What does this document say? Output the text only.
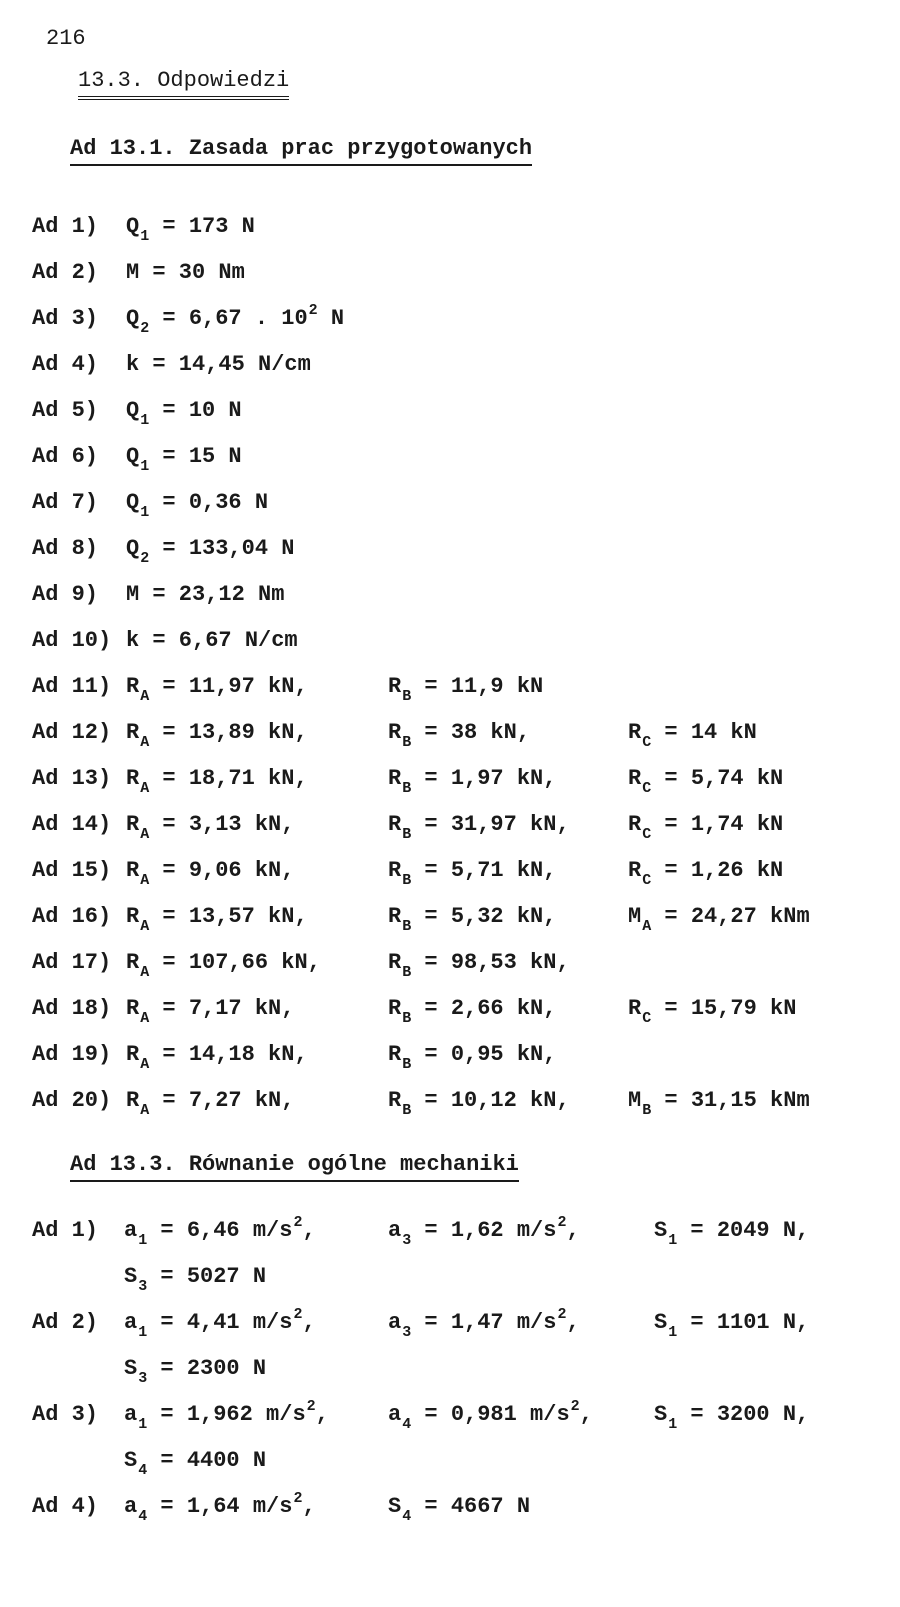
216
13.3. Odpowiedzi
Ad 13.1. Zasada prac przygotowanych
Ad 1) $Q_1 = 173$ N
Ad 2) M = 30 Nm
Ad 3) $Q_2 = 6,67$ . $10^2$ N
Ad 4) k = 14,45 N/cm
Ad 5) $Q_1 = 10$ N
Ad 6) $Q_1 = 15$ N
Ad 7) $Q_1 = 0,36$ N
Ad 8) $Q_2 = 133,04$ N
Ad 9) M = 23,12 Nm
Ad 10) k = 6,67 N/cm
Ad 11) $R_A = 11,97$ kN,	$R_B = 11,9$ kN
Ad 12) $R_A = 13,89$ kN,	$R_B = 38$ kN,	$R_C = 14$ kN
Ad 13) $R_A = 18,71$ kN,	$R_B = 1,97$ kN,	$R_C = 5,74$ kN
Ad 14) $R_A = 3,13$ kN,	$R_B = 31,97$ kN,	$R_C = 1,74$ kN
Ad 15) $R_A = 9,06$ kN,	$R_B = 5,71$ kN,	$R_C = 1,26$ kN
Ad 16) $R_A = 13,57$ kN,	$R_B = 5,32$ kN,	$M_A = 24,27$ kNm
Ad 17) $R_A = 107,66$ kN,	$R_B = 98,53$ kN,
Ad 18) $R_A = 7,17$ kN,	$R_B = 2,66$ kN,	$R_C = 15,79$ kN
Ad 19) $R_A = 14,18$ kN,	$R_B = 0,95$ kN,
Ad 20) $R_A = 7,27$ kN,	$R_B = 10,12$ kN,	$M_B = 31,15$ kNm
Ad 13.3. Równanie ogólne mechaniki
Ad 1) $a_1 = 6,46$ $m/s^2$,	$a_3 = 1,62$ $m/s^2$,	$S_1 = 2049$ N,
$S_3 = 5027$ N
Ad 2) $a_1 = 4,41$ $m/s^2$,	$a_3 = 1,47$ $m/s^2$,	$S_1 = 1101$ N,
$S_3 = 2300$ N
Ad 3) $a_1 = 1,962$ $m/s^2$,	$a_4 = 0,981$ $m/s^2$,	$S_1 = 3200$ N,
$S_4 = 4400$ N
Ad 4) $a_4 = 1,64$ $m/s^2$,	$S_4 = 4667$ N
